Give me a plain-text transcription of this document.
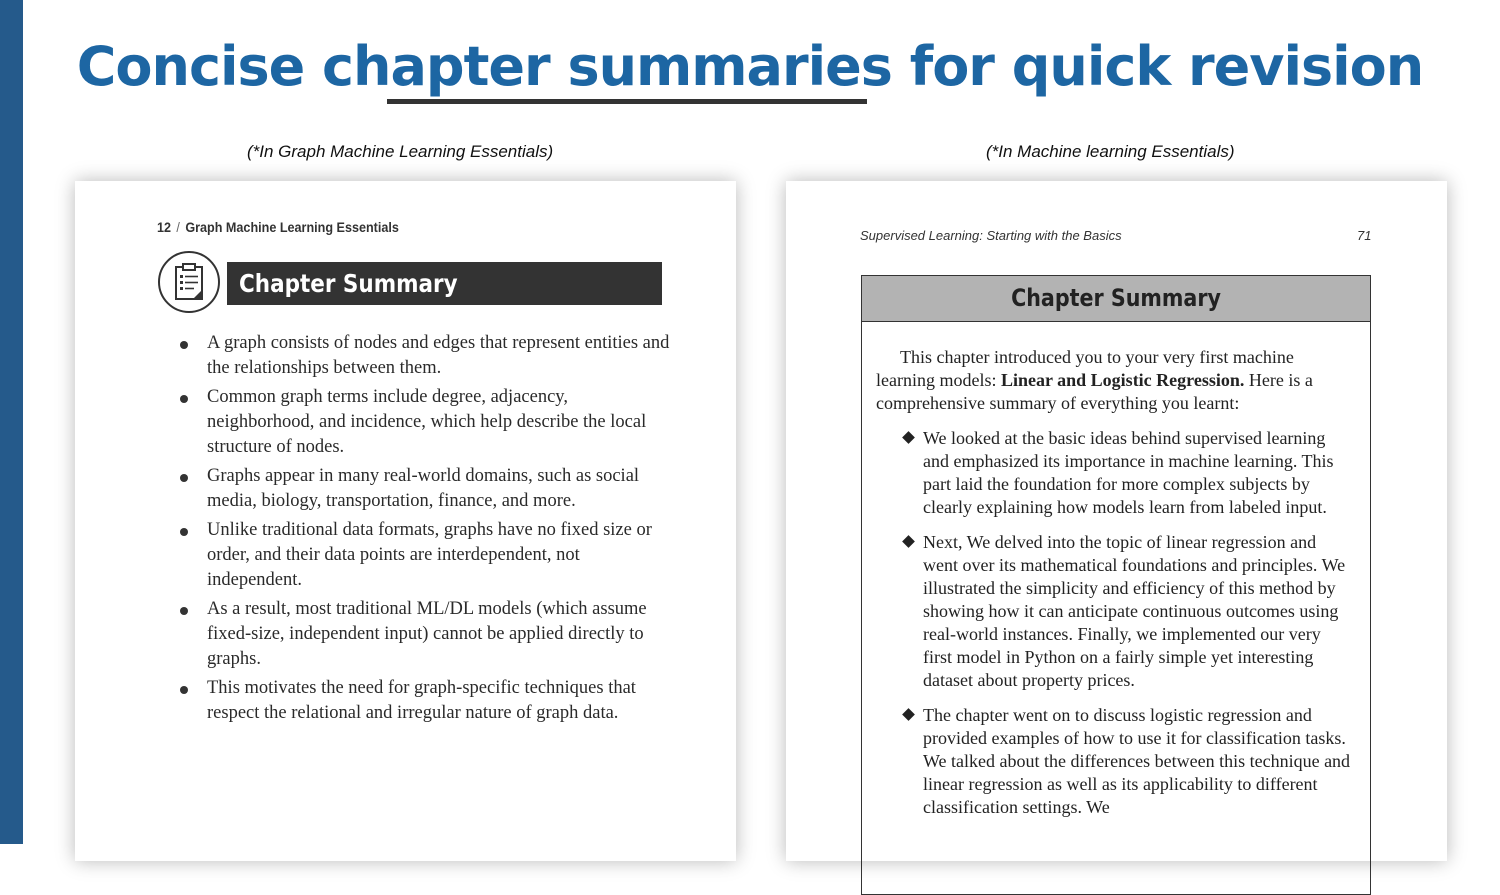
Concise chapter summaries for quick revision
(*In Graph Machine Learning Essentials)	(*In Machine learning Essentials)
12 / Graph Machine Learning Essentials
Chapter Summary
A graph consists of nodes and edges that represent entities and the relationships between them.
Common graph terms include degree, adjacency, neighborhood, and incidence, which help describe the local structure of nodes.
Graphs appear in many real-world domains, such as social media, biology, transportation, finance, and more.
Unlike traditional data formats, graphs have no fixed size or order, and their data points are interdependent, not independent.
As a result, most traditional ML/DL models (which assume fixed-size, independent input) cannot be applied directly to graphs.
This motivates the need for graph-specific techniques that respect the relational and irregular nature of graph data.
Supervised Learning: Starting with the Basics	71
Chapter Summary

This chapter introduced you to your very first machine learning models: Linear and Logistic Regression. Here is a comprehensive summary of everything you learnt:

We looked at the basic ideas behind supervised learning and emphasized its importance in machine learning. This part laid the foundation for more complex subjects by clearly explaining how models learn from labeled input.
Next, We delved into the topic of linear regression and went over its mathematical foundations and principles. We illustrated the simplicity and efficiency of this method by showing how it can anticipate continuous outcomes using real-world instances. Finally, we implemented our very first model in Python on a fairly simple yet interesting dataset about property prices.
The chapter went on to discuss logistic regression and provided examples of how to use it for classification tasks. We talked about the differences between this technique and linear regression as well as its applicability to different classification settings. We
